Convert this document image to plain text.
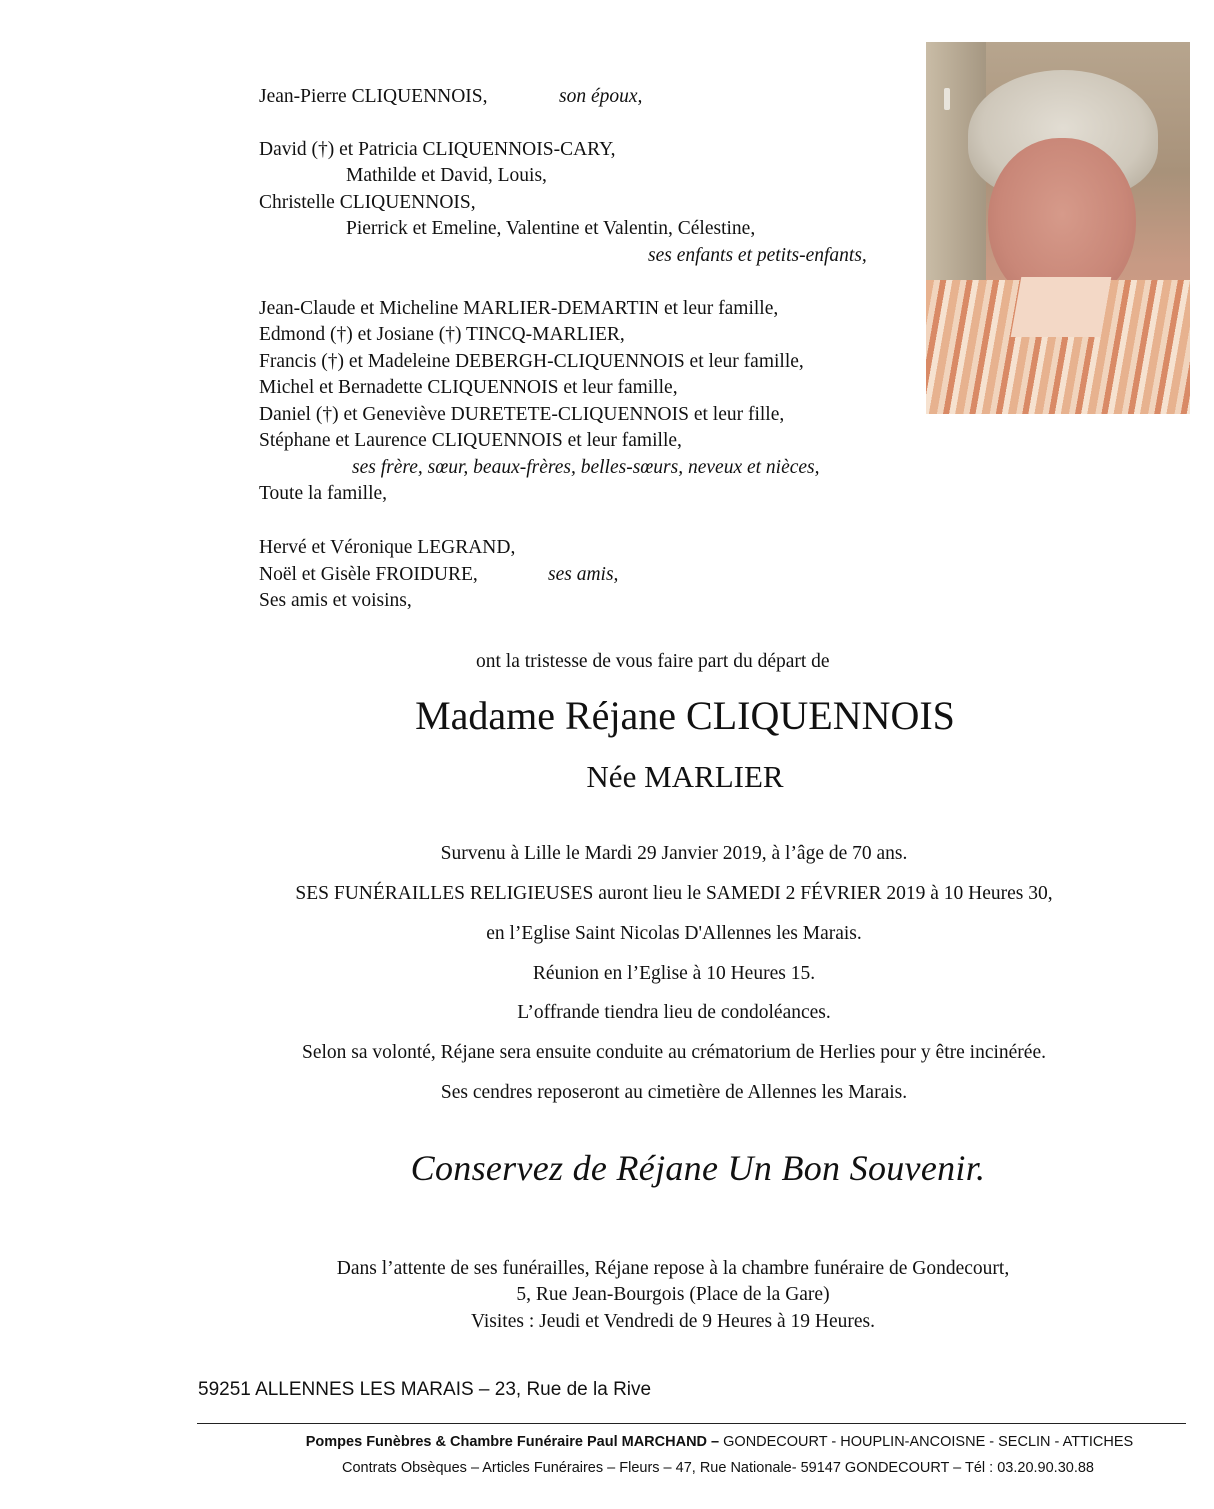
Jean-Pierre CLIQUENNOIS,	son époux,
David (†) et Patricia CLIQUENNOIS-CARY,
Mathilde et David, Louis,
Christelle CLIQUENNOIS,
Pierrick et Emeline, Valentine et Valentin, Célestine,
ses enfants et petits-enfants,
Jean-Claude et Micheline MARLIER-DEMARTIN et leur famille,
Edmond (†) et Josiane (†) TINCQ-MARLIER,
Francis (†) et Madeleine DEBERGH-CLIQUENNOIS et leur famille,
Michel et Bernadette CLIQUENNOIS et leur famille,
Daniel (†) et Geneviève DURETETE-CLIQUENNOIS et leur fille,
Stéphane et Laurence CLIQUENNOIS et leur famille,
ses frère, sœur, beaux-frères, belles-sœurs, neveux et nièces,
Toute la famille,
Hervé et Véronique LEGRAND,
Noël et Gisèle FROIDURE,	ses amis,
Ses amis et voisins,
ont la tristesse de vous faire part du départ de
Madame Réjane CLIQUENNOIS
Née MARLIER
Survenu à Lille le Mardi 29 Janvier 2019, à l’âge de 70 ans.
SES FUNÉRAILLES RELIGIEUSES auront lieu le SAMEDI 2 FÉVRIER 2019 à 10 Heures 30,
en l’Eglise Saint Nicolas D'Allennes les Marais.
Réunion en l’Eglise à 10 Heures 15.
L’offrande tiendra lieu de condoléances.
Selon sa volonté, Réjane sera ensuite conduite au crématorium de Herlies pour y être incinérée.
Ses cendres reposeront au cimetière de Allennes les Marais.
Conservez de Réjane Un Bon Souvenir.
Dans l’attente de ses funérailles, Réjane repose à la chambre funéraire de Gondecourt,
5, Rue Jean-Bourgois (Place de la Gare)
Visites : Jeudi et Vendredi de 9 Heures à 19 Heures.
59251 ALLENNES LES MARAIS – 23, Rue de la Rive
Pompes Funèbres & Chambre Funéraire Paul MARCHAND – GONDECOURT - HOUPLIN-ANCOISNE - SECLIN - ATTICHES
Contrats Obsèques – Articles Funéraires – Fleurs – 47, Rue Nationale- 59147 GONDECOURT – Tél : 03.20.90.30.88
